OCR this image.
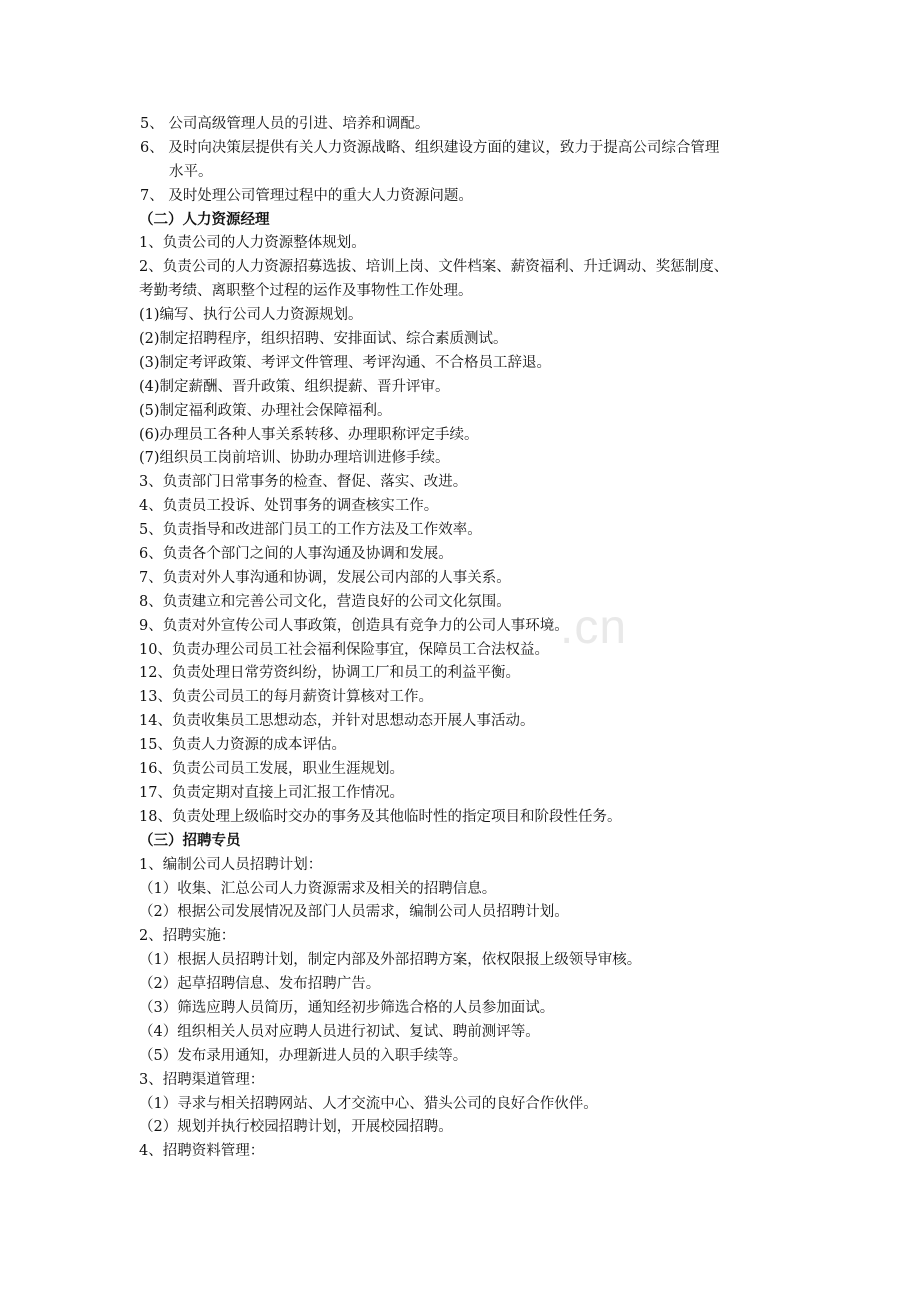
.cn
5、 公司高级管理人员的引进、培养和调配。
6、 及时向决策层提供有关人力资源战略、组织建设方面的建议，致力于提高公司综合管理
水平。
7、 及时处理公司管理过程中的重大人力资源问题。
（二）人力资源经理
1、负责公司的人力资源整体规划。
2、负责公司的人力资源招募选拔、培训上岗、文件档案、薪资福利、升迁调动、奖惩制度、
考勤考绩、离职整个过程的运作及事物性工作处理。
(1)编写、执行公司人力资源规划。
(2)制定招聘程序，组织招聘、安排面试、综合素质测试。
(3)制定考评政策、考评文件管理、考评沟通、不合格员工辞退。
(4)制定薪酬、晋升政策、组织提薪、晋升评审。
(5)制定福利政策、办理社会保障福利。
(6)办理员工各种人事关系转移、办理职称评定手续。
(7)组织员工岗前培训、协助办理培训进修手续。
3、负责部门日常事务的检查、督促、落实、改进。
4、负责员工投诉、处罚事务的调查核实工作。
5、负责指导和改进部门员工的工作方法及工作效率。
6、负责各个部门之间的人事沟通及协调和发展。
7、负责对外人事沟通和协调，发展公司内部的人事关系。
8、负责建立和完善公司文化，营造良好的公司文化氛围。
9、负责对外宣传公司人事政策，创造具有竞争力的公司人事环境。
10、负责办理公司员工社会福利保险事宜，保障员工合法权益。
12、负责处理日常劳资纠纷，协调工厂和员工的利益平衡。
13、负责公司员工的每月薪资计算核对工作。
14、负责收集员工思想动态，并针对思想动态开展人事活动。
15、负责人力资源的成本评估。
16、负责公司员工发展，职业生涯规划。
17、负责定期对直接上司汇报工作情况。
18、负责处理上级临时交办的事务及其他临时性的指定项目和阶段性任务。
（三）招聘专员
1、编制公司人员招聘计划：
（1）收集、汇总公司人力资源需求及相关的招聘信息。
（2）根据公司发展情况及部门人员需求，编制公司人员招聘计划。
2、招聘实施：
（1）根据人员招聘计划，制定内部及外部招聘方案，依权限报上级领导审核。
（2）起草招聘信息、发布招聘广告。
（3）筛选应聘人员简历，通知经初步筛选合格的人员参加面试。
（4）组织相关人员对应聘人员进行初试、复试、聘前测评等。
（5）发布录用通知，办理新进人员的入职手续等。
3、招聘渠道管理：
（1）寻求与相关招聘网站、人才交流中心、猎头公司的良好合作伙伴。
（2）规划并执行校园招聘计划，开展校园招聘。
4、招聘资料管理：
